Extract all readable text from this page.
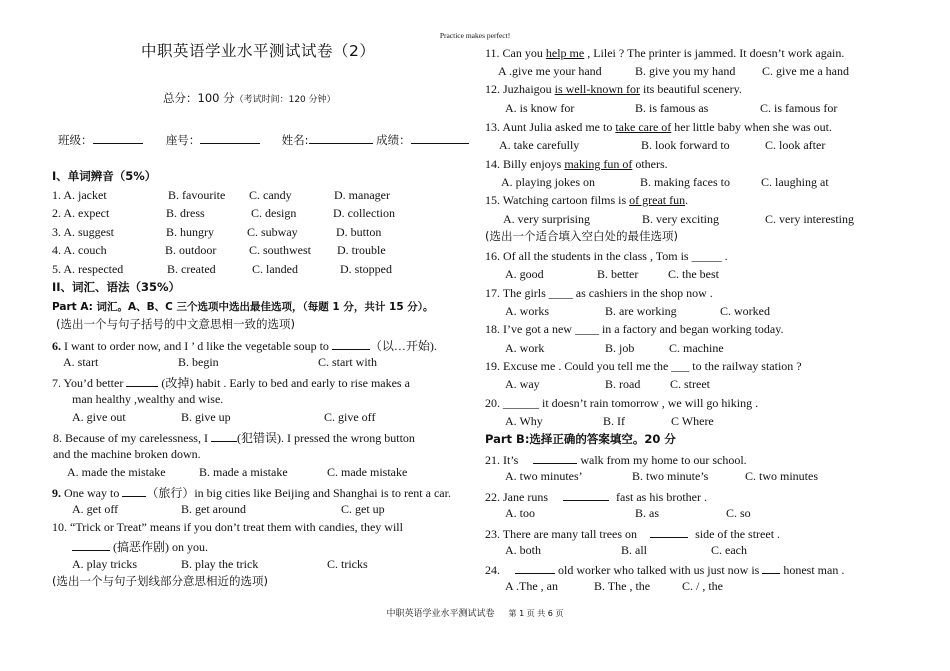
Practice makes perfect!
中职英语学业水平测试试卷（2）
总分：100 分（考试时间：120 分钟）
班级：	座号：	姓名:	成绩：
I、单词辨音（5%）
1. A. jacket	B. favourite C. candy	D. manager
2. A. expect	B. dress	C. design	D. collection
3. A. suggest	B. hungry	C. subway	D. button
4. A. couch	B. outdoor	C. southwest D. trouble
5. A. respected	B. created	C. landed	D. stopped
II、词汇、语法（35%）
Part A: 词汇。A、B、C 三个选项中选出最佳选项，（每题 1 分，共计 15 分）。
(选出一个与句子括号的中文意思相一致的选项)
6. I want to order now, and I ’ d like the vegetable soup to	（以…开始).
A. start	B. begin	C. start with
7. You’d better	(改掉) habit . Early to bed and early to rise makes a
man healthy ,wealthy and wise.
A. give out	B. give up	C. give off
8. Because of my carelessness, I (犯错误). I pressed the wrong button
and the machine broken down.
A. made the mistake	B. made a mistake	C. made mistake
9. One way to （旅行）in big cities like Beijing and Shanghai is to rent a car.
A. get off	B. get around	C. get up
10. “Trick or Treat” means if you don’t treat them with candies, they will
(搞恶作剧) on you.
A. play tricks	B. play the trick	C. tricks
(选出一个与句子划线部分意思相近的选项)
11. Can you help me , Lilei ? The printer is jammed. It doesn’t work again.
A .give me your hand	B. give you my hand C. give me a hand
12. Juzhaigou is well-known for its beautiful scenery.
A. is know for	B. is famous as	C. is famous for
13. Aunt Julia asked me to take care of her little baby when she was out.
A. take carefully	B. look forward to	C. look after
14. Billy enjoys making fun of others.
A. playing jokes on	B. making faces to	C. laughing at
15. Watching cartoon films is of great fun.
A. very surprising	B. very exciting	C. very interesting
(选出一个适合填入空白处的最佳选项)
16. Of all the students in the class , Tom is _____ .
A. good	B. better C. the best
17. The girls ____ as cashiers in the shop now .
A. works	B. are working	C. worked
18. I’ve got a new ____ in a factory and began working today.
A. work	B. job	C. machine
19. Excuse me . Could you tell me the ___ to the railway station ?
A. way	B. road C. street
20. ______ it doesn’t rain tomorrow , we will go hiking .
A. Why	B. If	C Where
Part B:选择正确的答案填空。20 分
21. It’s	walk from my home to our school.
A. two minutes’	B. two minute’s	C. two minutes
22. Jane runs	fast as his brother .
A. too	B. as	C. so
23. There are many tall trees on	side of the street .
A. both	B. all	C. each
24.	old worker who talked with us just now is  honest man .
A .The , an	B. The , the	C. / , the
中职英语学业水平测试试卷 第 1 页 共 6 页
